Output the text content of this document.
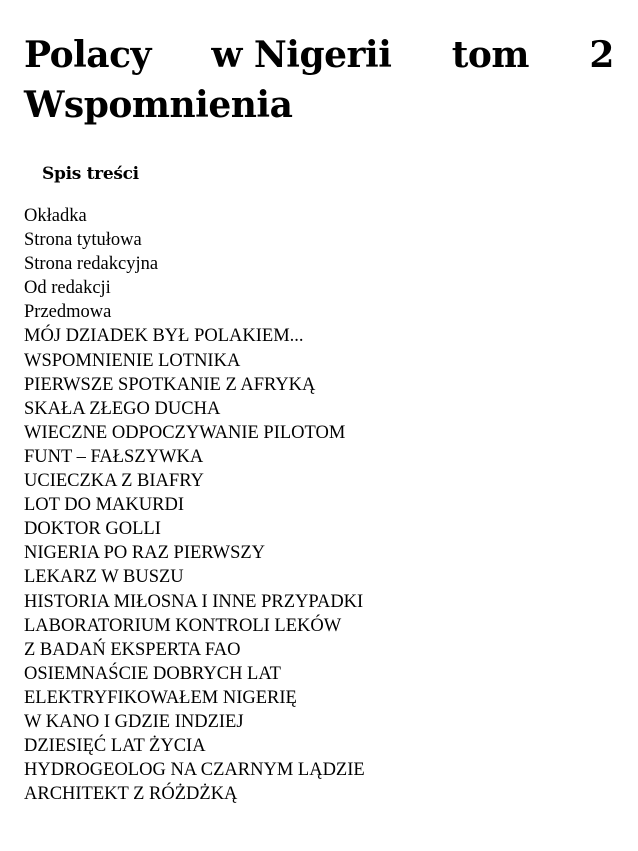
Polacy w Nigerii tom 2
Wspomnienia
Spis treści
Okładka
Strona tytułowa
Strona redakcyjna
Od redakcji
Przedmowa
MÓJ DZIADEK BYŁ POLAKIEM...
WSPOMNIENIE LOTNIKA
PIERWSZE SPOTKANIE Z AFRYKĄ
SKAŁA ZŁEGO DUCHA
WIECZNE ODPOCZYWANIE PILOTOM
FUNT – FAŁSZYWKA
UCIECZKA Z BIAFRY
LOT DO MAKURDI
DOKTOR GOLLI
NIGERIA PO RAZ PIERWSZY
LEKARZ W BUSZU
HISTORIA MIŁOSNA I INNE PRZYPADKI
LABORATORIUM KONTROLI LEKÓW
Z BADAŃ EKSPERTA FAO
OSIEMNAŚCIE DOBRYCH LAT
ELEKTRYFIKOWAŁEM NIGERIĘ
W KANO I GDZIE INDZIEJ
DZIESIĘĆ LAT ŻYCIA
HYDROGEOLOG NA CZARNYM LĄDZIE
ARCHITEKT Z RÓŻDŻKĄ
